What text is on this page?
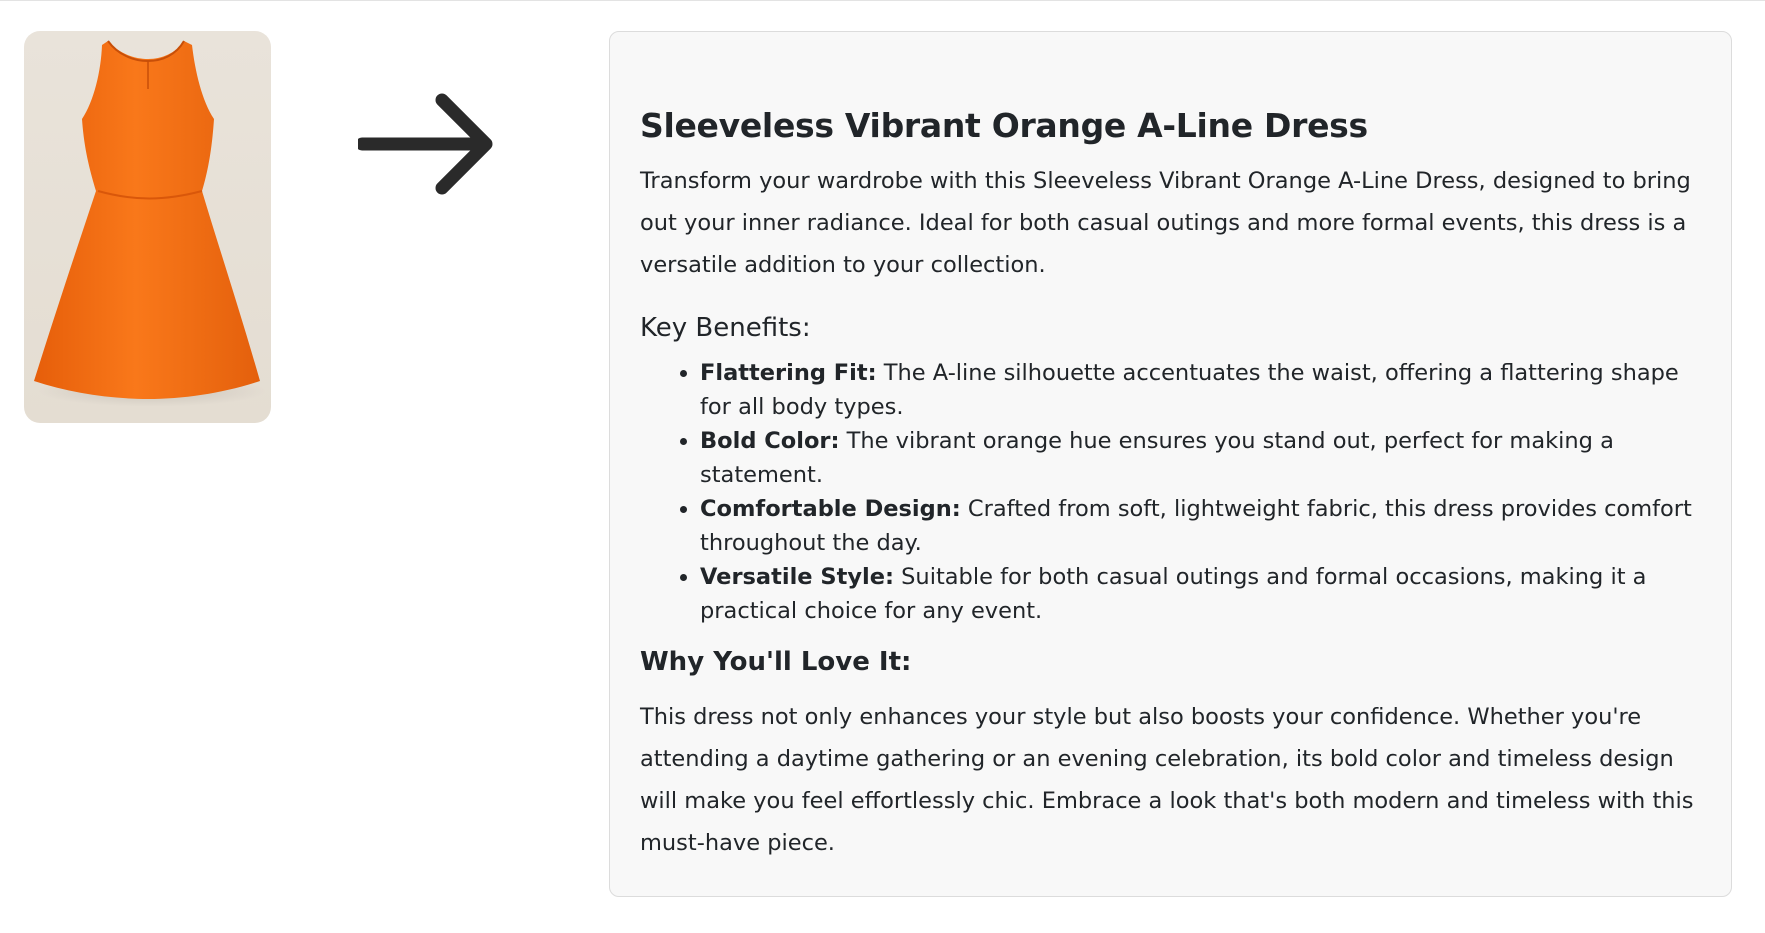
Sleeveless Vibrant Orange A-Line Dress

Transform your wardrobe with this Sleeveless Vibrant Orange A-Line Dress, designed to bring out your inner radiance. Ideal for both casual outings and more formal events, this dress is a versatile addition to your collection.

Key Benefits:
• Flattering Fit: The A-line silhouette accentuates the waist, offering a flattering shape for all body types.
• Bold Color: The vibrant orange hue ensures you stand out, perfect for making a statement.
• Comfortable Design: Crafted from soft, lightweight fabric, this dress provides comfort throughout the day.
• Versatile Style: Suitable for both casual outings and formal occasions, making it a practical choice for any event.
Why You'll Love It:

This dress not only enhances your style but also boosts your confidence. Whether you're attending a daytime gathering or an evening celebration, its bold color and timeless design will make you feel effortlessly chic. Embrace a look that's both modern and timeless with this must-have piece.
